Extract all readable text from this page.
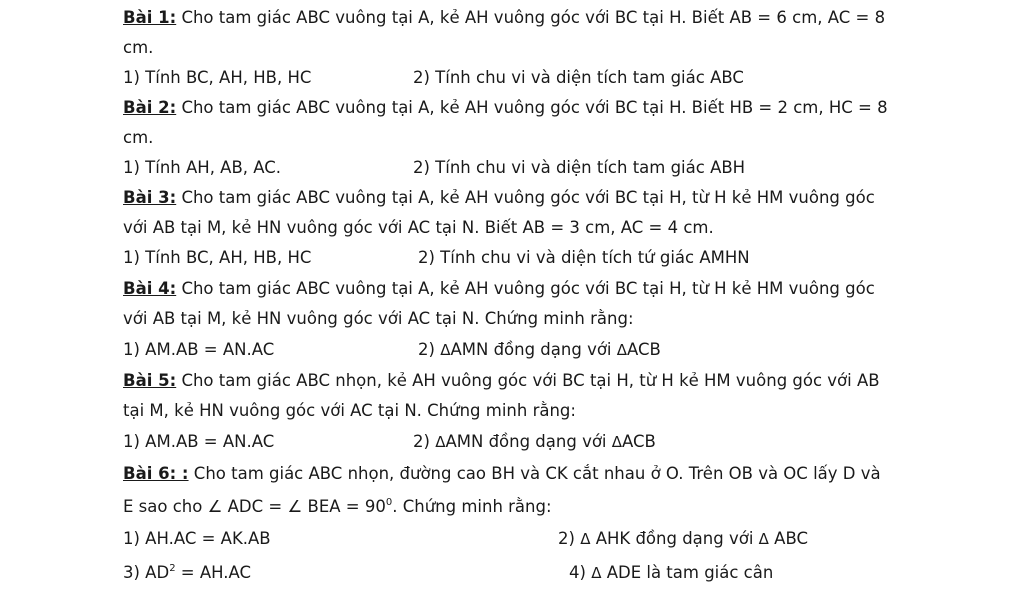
Bài 1: Cho tam giác ABC vuông tại A, kẻ AH vuông góc với BC tại H. Biết AB = 6 cm, AC = 8
cm.
1) Tính BC, AH, HB, HC	2) Tính chu vi và diện tích tam giác ABC
Bài 2: Cho tam giác ABC vuông tại A, kẻ AH vuông góc với BC tại H. Biết HB = 2 cm, HC = 8
cm.
1) Tính AH, AB, AC.	2) Tính chu vi và diện tích tam giác ABH
Bài 3: Cho tam giác ABC vuông tại A, kẻ AH vuông góc với BC tại H, từ H kẻ HM vuông góc
với AB tại M, kẻ HN vuông góc với AC tại N. Biết AB = 3 cm, AC = 4 cm.
1) Tính BC, AH, HB, HC	2) Tính chu vi và diện tích tứ giác AMHN
Bài 4: Cho tam giác ABC vuông tại A, kẻ AH vuông góc với BC tại H, từ H kẻ HM vuông góc
với AB tại M, kẻ HN vuông góc với AC tại N. Chứng minh rằng:
1) AM.AB = AN.AC	2) ΔAMN đồng dạng với ΔACB
Bài 5: Cho tam giác ABC nhọn, kẻ AH vuông góc với BC tại H, từ H kẻ HM vuông góc với AB
tại M, kẻ HN vuông góc với AC tại N. Chứng minh rằng:
1) AM.AB = AN.AC	2) ΔAMN đồng dạng với ΔACB
Bài 6: : Cho tam giác ABC nhọn, đường cao BH và CK cắt nhau ở O. Trên OB và OC lấy D và
E sao cho ∠ ADC = ∠ BEA = $90^0$. Chứng minh rằng:
1) AH.AC = AK.AB	2) Δ AHK đồng dạng với Δ ABC
3) $AD^2 = AH.AC$	4) Δ ADE là tam giác cân
